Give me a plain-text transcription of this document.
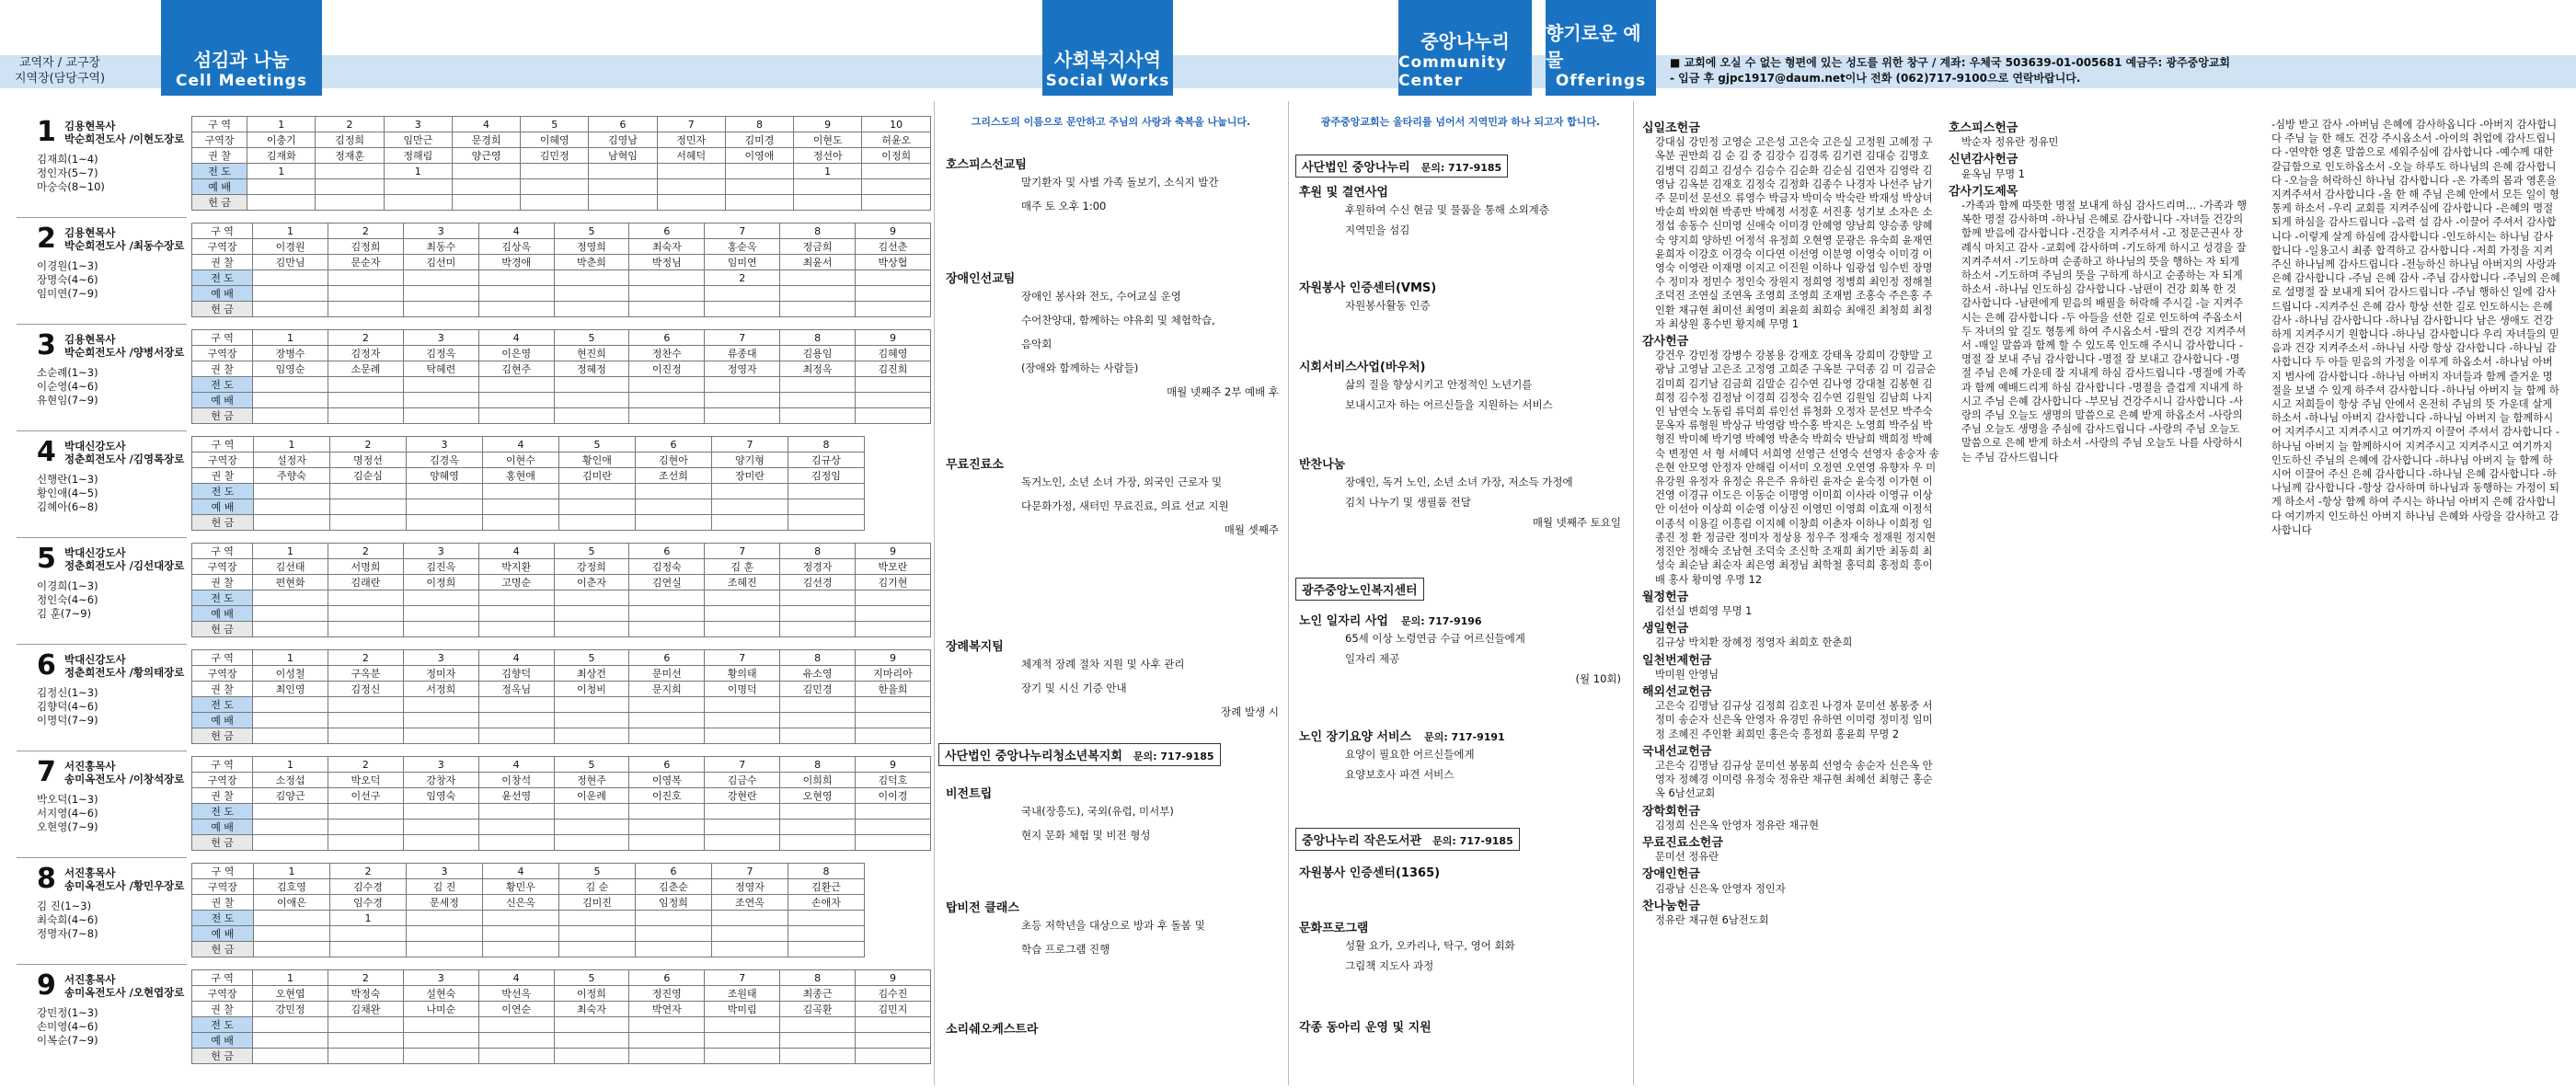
교역자 / 교구장
지역장(담당구역)
섬김과 나눔
Cell Meetings
사회복지사역
Social Works
중앙나누리
Community Center
향기로운 예물
Offerings
■ 교회에 오실 수 없는 형편에 있는 성도를 위한 창구 / 계좌: 우체국 503639-01-005681 예금주: 광주중앙교회
- 입금 후 gjpc1917@daum.net이나 전화 (062)717-9100으로 연락바랍니다.
1 김용현목사
박순희전도사 /이현도장로
김재희(1~4)
정인자(5~7)
마숭숙(8~10)
구 역	1	2	3	4	5	6	7	8	9	10
구역장	이충기	김정희	임만근	문경희	이혜영	김영남	정민자	김미경	이현도	허윤오
권 찰	김재화	정재훈	정해림	양근영	김민정	남혁임	서혜덕	이영애	정선아	이정희
전 도	1		1						1	
예 배										
헌 금										
2 김용현목사
박순희전도사 /최동수장로
이경원(1~3)
장명숙(4~6)
임미연(7~9)
구 역	1	2	3	4	5	6	7	8	9
구역장	이경원	김정희	최동수	김상옥	정영희	최숙자	홍순옥	정금희	김선춘
권 찰	김만님	문순자	김선미	박경애	박춘희	박정님	임미연	최윤서	박상협
전 도							2		
예 배									
헌 금									
3 김용현목사
박순희전도사 /양병서장로
소순례(1~3)
이순영(4~6)
유현임(7~9)
구 역	1	2	3	4	5	6	7	8	9
구역장	장병수	김정자	김정옥	이은영	현진희	정찬수	류종대	김용임	김혜영
권 찰	임영순	소문례	탁혜련	김현주	정혜정	이진정	정영자	최정옥	김진희
전 도									
예 배									
헌 금									
4 박대신강도사
정춘희전도사 /김영록장로
신행란(1~3)
황인애(4~5)
김혜아(6~8)
구 역	1	2	3	4	5	6	7	8
구역장	설정자	명정선	김경옥	이현수	황인애	김현아	양기형	김규상
권 찰	주향숙	김순심	양혜영	홍현애	김미란	조선희	장미란	김정임
전 도								
예 배								
헌 금								
5 박대신강도사
정춘희전도사 /김선대장로
이경희(1~3)
정인숙(4~6)
김 훈(7~9)
구 역	1	2	3	4	5	6	7	8	9
구역장	김선태	서명희	김진옥	박지환	강정희	김정숙	김 훈	정경자	박모란
권 찰	편현화	김래란	이정희	고명순	이춘자	김연실	조혜진	김선경	김기현
전 도									
예 배									
헌 금									
6 박대신강도사
정춘희전도사 /황의태장로
김정신(1~3)
김향덕(4~6)
이명덕(7~9)
구 역	1	2	3	4	5	6	7	8	9
구역장	이성철	구옥분	정미자	김향덕	최상건	문미선	황의태	유소영	지마리아
권 찰	최인영	김정신	서정희	정옥님	이청비	문지희	이명덕	김민경	한율희
전 도									
예 배									
헌 금									
7 서진홍목사
송미옥전도사 /이창석장로
박오덕(1~3)
서지영(4~6)
오현영(7~9)
구 역	1	2	3	4	5	6	7	8	9
구역장	소정섭	박오덕	강창자	이창석	정현주	이영복	김금수	이희희	김덕호
권 찰	김양근	이선구	임영숙	윤선영	이운례	이진호	강현란	오현영	이이경
전 도									
예 배									
헌 금									
8 서진홍목사
송미옥전도사 /황민우장로
김 진(1~3)
최숙희(4~6)
정명자(7~8)
구 역	1	2	3	4	5	6	7	8
구역장	김호영	김수경	김 진	황민우	김 순	김춘순	정영자	김환근
권 찰	이애은	임수경	문세정	신은옥	김미진	임정희	조연옥	손애자
전 도		1						
예 배								
헌 금								
9 서진홍목사
송미옥전도사 /오현엽장로
강민정(1~3)
손미영(4~6)
이복순(7~9)
구 역	1	2	3	4	5	6	7	8	9
구역장	오현엽	박정숙	설현숙	박선옥	이정희	정진영	조원태	최종근	김수진
권 찰	강민정	김채완	나미순	이연순	최숙자	박연자	박미림	김곡환	김민지
전 도									
예 배									
헌 금									
그리스도의 이름으로 문안하고 주님의 사랑과 축복을 나눕니다.
호스피스선교팀
말기환자 및 사별 가족 돌보기, 소식지 발간
매주 토 오후 1:00
장애인선교팀
장애인 봉사와 전도, 수어교실 운영
수어찬양대, 함께하는 야유회 및 체험학습,
음악회
(장애와 함께하는 사람들)
매월 넷째주 2부 예배 후
무료진료소
독거노인, 소년 소녀 가장, 외국인 근로자 및
다문화가정, 새터민 무료진료, 의료 선교 지원
매월 셋째주
장례복지팀
체계적 장례 절차 지원 및 사후 관리
장기 및 시신 기증 안내
장례 발생 시
사단법인 중앙나누리청소년복지회 문의: 717-9185
비전트립
국내(장흥도), 국외(유럽, 미서부)
현지 문화 체험 및 비전 형성
탑비전 클래스
초등 저학년을 대상으로 방과 후 돌봄 및
학습 프로그램 진행
소리쉐오케스트라
광주중앙교회는 울타리를 넘어서 지역민과 하나 되고자 합니다.
사단법인 중앙나누리 문의: 717-9185
후원 및 결연사업
후원하여 수신 현금 및 물품을 통해 소외계층
지역민을 섬김
자원봉사 인증센터(VMS)
자원봉사활동 인증
시회서비스사업(바우처)
삶의 질을 향상시키고 안정적인 노년기를
보내시고자 하는 어르신들을 지원하는 서비스
반찬나눔
장애인, 독거 노인, 소년 소녀 가장, 저소득 가정에
김치 나누기 및 생필품 전달
매월 넷째주 토요일
광주중앙노인복지센터
노인 일자리 사업 문의: 717-9196
65세 이상 노령연금 수급 어르신들에게
일자리 제공
(월 10회)
노인 장기요양 서비스 문의: 717-9191
요양이 필요한 어르신들에게
요양보호사 파견 서비스
중앙나누리 작은도서관 문의: 717-9185
자원봉사 인증센터(1365)
문화프로그램
성활 요가, 오카리나, 탁구, 영어 회화
그림책 지도사 과정
각종 동아리 운영 및 지원
십일조헌금
강대심 강민정 고영순 고은성 고은숙 고은실 고정원 고혜정 구옥분 권만희 김 순 김 중 김강수 김경록 김기련 김대승 김명호 김병덕 김희고 김성수 김승수 김순화 김순심 김연자 김영락 김영남 김옥분 김재호 김정숙 김정화 김종수 나경자 나선주 남기주 문미선 문선오 류영수 박금자 박미숙 박숙란 박재성 박상녀 박순희 박외현 박종만 박혜정 서정훈 서진홍 성기보 소자은 소정섭 송동수 신미영 신애숙 이미경 안혜영 양남희 양승종 양혜숙 양지희 양하빈 어정석 유정희 오현영 문광은 유숙희 윤재연 윤희자 이강호 이경숙 이다연 이선영 이분영 이영숙 이미경 이영숙 이영란 이재명 이지고 이진원 이하나 임광섭 임수빈 장명수 정미자 정민수 정인숙 장원지 정희영 정병희 최인정 정해철 조덕진 조연실 조연옥 조영희 조영희 조재범 조홍숙 주은홍 주인환 채규현 최미선 최영미 최윤희 최희승 최애진 최청희 최정자 최상원 홍수빈 황지혜 무명 1
감사헌금
강건우 강민정 강병수 강봉용 강재호 강태옥 강희미 강향말 고광남 고영남 고은조 고정영 고희준 구옥분 구덕종 김 미 김금순 김미희 김기남 김금희 김말순 김수연 김나영 강대철 김봉현 김희정 김수정 김정남 이경희 김정숙 김수연 김원임 김남희 나지인 남연숙 노동림 류덕희 류인선 류청화 오정자 문선모 박주숙 문옥자 류형원 박상규 박영람 박수홍 박지은 노영희 박주심 박형진 박미혜 박기영 박혜영 박춘숙 박희숙 반남희 백희정 박혜숙 변정연 서 형 서혜덕 서희영 선영근 선영숙 선영자 송숭자 송은현 안모영 안정자 안해림 이서미 오정연 오연영 유향자 우 미 유강원 유정자 유정순 유은주 유하린 윤자순 윤숙정 이가현 이건영 이경규 이도은 이동순 이명영 이미희 이사라 이영규 이상안 이선아 이상희 이순영 이상진 이영민 이영희 이효재 이정석 이종석 이용길 이흥림 이지혜 이창희 이춘자 이하나 이희정 임종진 정 환 정금란 정미자 정상용 정우주 정재숙 정재원 정지현 정진안 정해숙 조남현 조덕숙 조신학 조재희 최기만 최동희 최성숙 최순남 최순자 최은영 최정님 최학철 홍덕희 홍정희 흥이배 홍사 황미영 우명 12
월정헌금
김선실 변희영 무명 1
생일헌금
김규상 박치환 장혜정 정영자 최희호 한춘희
일천번제헌금
박미원 안영님
해외선교헌금
고은숙 김명남 김규상 김정희 김호진 나경자 문미선 봉몽중 서정미 송순자 신은옥 안영자 유경민 유하연 이미령 정미정 임미정 조혜진 주인환 최희민 홍은숙 흥정희 홍윤희 무명 2
국내선교헌금
고은숙 김명남 김규상 문미선 봉몽희 선영숙 송순자 신은옥 안영자 정혜경 이미령 유정숙 정유란 채규현 최혜선 최형근 홍순옥 6남선교회
장학회헌금
김정희 신은옥 안영자 정유란 채규현
무료진료소헌금
문미선 정유란
장애인헌금
김광남 신은옥 안영자 정인자
찬나눔헌금
정유란 채규현 6남전도회
호스피스헌금
박순자 정유란 정유민
신년감사헌금
윤옥님 무명 1
감사기도제목
-가족과 함께 따뜻한 명절 보내게 하심 감사드리며… -가족과 행복한 명절 감사하며 -하나님 은혜로 감사합니다 -자녀들 건강의 함께 받음에 감사합니다 -건강을 지켜주셔서 -고 정문근권사 장례식 마치고 감사 -교회에 감사하며 -기도하게 하시고 성경을 잘 지켜주셔서 -기도하며 순종하고 하나님의 뜻을 행하는 자 되게 하소서 -기도하며 주님의 뜻을 구하게 하시고 순종하는 자 되게 하소서 -하나님 인도하심 감사합니다 -남편이 건강 회복 한 것 감사합니다 -남편에게 믿음의 배필을 허락해 주시길 -늘 지켜주시는 은혜 감사합니다 -두 아들을 선한 길로 인도하여 주옵소서 두 자녀의 앞 길도 형통케 하여 주시옵소서 -딸의 건강 지켜주셔서 -매일 말씀과 함께 할 수 있도록 인도해 주시니 감사합니다 -명절 잘 보내 주님 감사합니다 -명절 잘 보내고 감사합니다 -명절 주님 은혜 가운데 잘 지내게 하심 감사드립니다 -명절에 가족과 함께 예배드리게 하심 감사합니다 -명절을 즐겁게 지내게 하시고 주님 은혜 감사합니다 -부모님 건강주시니 감사합니다 -사랑의 주님 오늘도 생명의 말씀으로 은혜 받게 하옵소서 -사랑의 주님 오늘도 생명을 주심에 감사드립니다 -사랑의 주님 오늘도 말씀으로 은혜 받게 하소서 -사랑의 주님 오늘도 나를 사랑하시는 주님 감사드립니다
-심방 받고 감사 -아버님 은혜에 감사하옵니다 -아버지 감사합니다 주님 늘 한 해도 건강 주시옵소서 -아이의 취업에 감사드립니다 -연약한 영혼 말씀으로 세워주심에 감사합니다 -예수께 대한 갈급함으로 인도하옵소서 -오늘 하루도 하나님의 은혜 감사합니다 -오늘을 허락하신 하나님 감사합니다 -온 가족의 몸과 영혼을 지켜주셔서 감사합니다 -올 한 해 주님 은혜 안에서 모든 일이 형통케 하소서 -우리 교회를 지켜주심에 감사합니다 -은혜의 명절되게 하심을 감사드립니다 -음력 설 감사 -이끌어 주셔서 감사합니다 -이렇게 살게 하심에 감사합니다 -인도하시는 하나님 감사합니다 -일용고시 최종 합격하고 감사합니다 -저희 가정을 지켜주신 하나님께 감사드립니다 -전능하신 하나님 아버지의 사랑과 은혜 감사합니다 -주님 은혜 감사 -주님 감사합니다 -주님의 은혜로 설명절 잘 보내게 되어 감사드립니다 -주님 행하신 일에 감사 드립니다 -지켜주신 은혜 감사 항상 선한 길로 인도하시는 은혜 감사 -하나님 감사합니다 -하나님 감사합니다 남은 생애도 건강하게 지켜주시기 원합니다 -하나님 감사합니다 우리 자녀들의 믿음과 건강 지켜주소서 -하나님 사랑 항상 감사합니다 -하나님 감사합니다 두 아들 믿음의 가정을 이루게 하옵소서 -하나님 아버지 범사에 감사합니다 -하나님 아버지 자녀들과 함께 즐거운 명절을 보낼 수 있게 하주셔 감사합니다 -하나님 아버지 늘 함께 하시고 저희들이 항상 주님 안에서 온전히 주님의 뜻 가운데 살게 하소서 -하나님 아버지 감사합니다 -하나님 아버지 늘 함께하시어 지켜주시고 지켜주시고 여기까지 이끌어 주셔서 감사합니다 -하나님 아버지 늘 함께하시어 지켜주시고 지켜주시고 여기까지 인도하신 주님의 은혜에 감사합니다 -하나님 아버지 늘 함께 하시어 이끌어 주신 은혜 감사합니다 -하나님 은혜 감사합니다 -하나님께 감사합니다 -항상 감사하며 하나님과 동행하는 가정이 되게 하소서 -항상 함께 하여 주시는 하나님 아버지 은혜 감사합니다 여기까지 인도하신 아버지 하나님 은혜와 사랑을 감사하고 감사합니다
